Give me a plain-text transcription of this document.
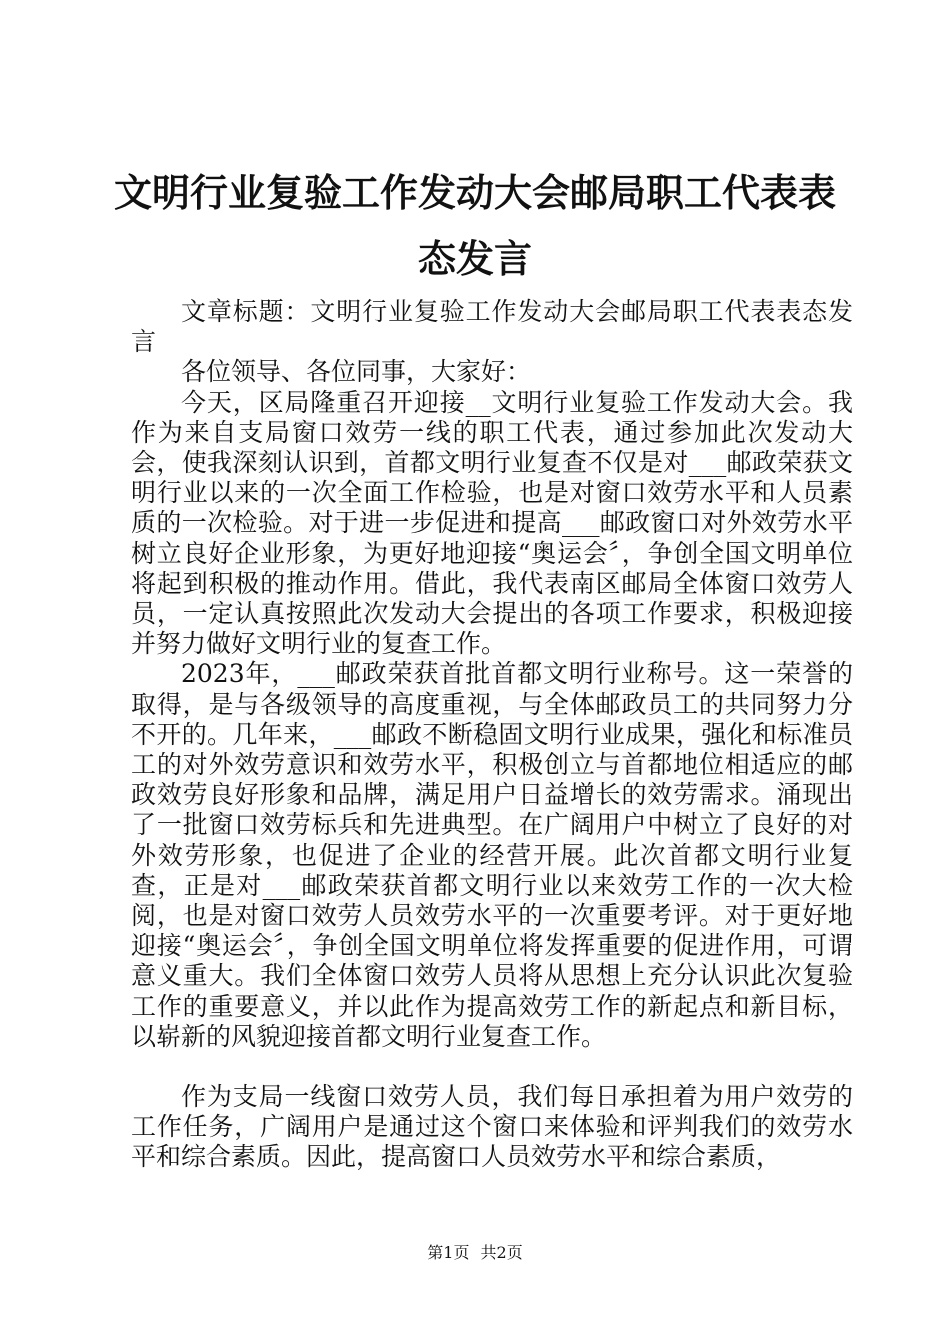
文明行业复验工作发动大会邮局职工代表表态发言

文章标题：文明行业复验工作发动大会邮局职工代表表态发言

各位领导、各位同事，大家好：

今天，区局隆重召开迎接__文明行业复验工作发动大会。我作为来自支局窗口效劳一线的职工代表，通过参加此次发动大会，使我深刻认识到，首都文明行业复查不仅是对___邮政荣获文明行业以来的一次全面工作检验，也是对窗口效劳水平和人员素质的一次检验。对于进一步促进和提高___邮政窗口对外效劳水平树立良好企业形象，为更好地迎接“奥运会〞，争创全国文明单位将起到积极的推动作用。借此，我代表南区邮局全体窗口效劳人员，一定认真按照此次发动大会提出的各项工作要求，积极迎接并努力做好文明行业的复查工作。

2023年，___邮政荣获首批首都文明行业称号。这一荣誉的取得，是与各级领导的高度重视，与全体邮政员工的共同努力分不开的。几年来，___邮政不断稳固文明行业成果，强化和标准员工的对外效劳意识和效劳水平，积极创立与首都地位相适应的邮政效劳良好形象和品牌，满足用户日益增长的效劳需求。涌现出了一批窗口效劳标兵和先进典型。在广阔用户中树立了良好的对外效劳形象，也促进了企业的经营开展。此次首都文明行业复查，正是对___邮政荣获首都文明行业以来效劳工作的一次大检阅，也是对窗口效劳人员效劳水平的一次重要考评。对于更好地迎接“奥运会〞，争创全国文明单位将发挥重要的促进作用，可谓意义重大。我们全体窗口效劳人员将从思想上充分认识此次复验工作的重要意义，并以此作为提高效劳工作的新起点和新目标，以崭新的风貌迎接首都文明行业复查工作。

作为支局一线窗口效劳人员，我们每日承担着为用户效劳的工作任务，广阔用户是通过这个窗口来体验和评判我们的效劳水平和综合素质。因此，提高窗口人员效劳水平和综合素质，

第1页 共2页
